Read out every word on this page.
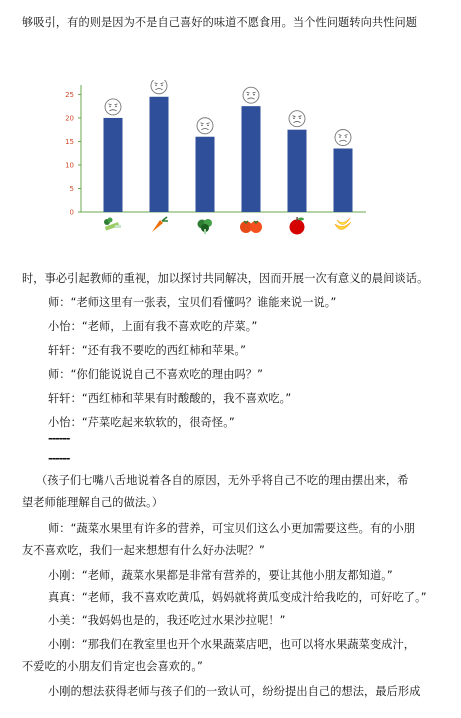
够吸引，有的则是因为不是自己喜好的味道不愿食用。当个性问题转向共性问题
0
5
10
15
20
25
时，事必引起教师的重视，加以探讨共同解决，因而开展一次有意义的晨间谈话。
师：“老师这里有一张表，宝贝们看懂吗？谁能来说一说。”
小怡：“老师，上面有我不喜欢吃的芹菜。”
轩轩：“还有我不要吃的西红柿和苹果。”
师：“你们能说说自己不喜欢吃的理由吗？”
轩轩：“西红柿和苹果有时酸酸的，我不喜欢吃。”
小怡：“芹菜吃起来软软的，很奇怪。”
------
------
（孩子们七嘴八舌地说着各自的原因，无外乎将自己不吃的理由摆出来，希
望老师能理解自己的做法。）
师：“蔬菜水果里有许多的营养，可宝贝们这么小更加需要这些。有的小朋
友不喜欢吃，我们一起来想想有什么好办法呢？”
小刚：“老师，蔬菜水果都是非常有营养的，要让其他小朋友都知道。”
真真：“老师，我不喜欢吃黄瓜，妈妈就将黄瓜变成汁给我吃的，可好吃了。”
小美：“我妈妈也是的，我还吃过水果沙拉呢！”
小刚：“那我们在教室里也开个水果蔬菜店吧，也可以将水果蔬菜变成汁，
不爱吃的小朋友们肯定也会喜欢的。”
小刚的想法获得老师与孩子们的一致认可，纷纷提出自己的想法，最后形成
